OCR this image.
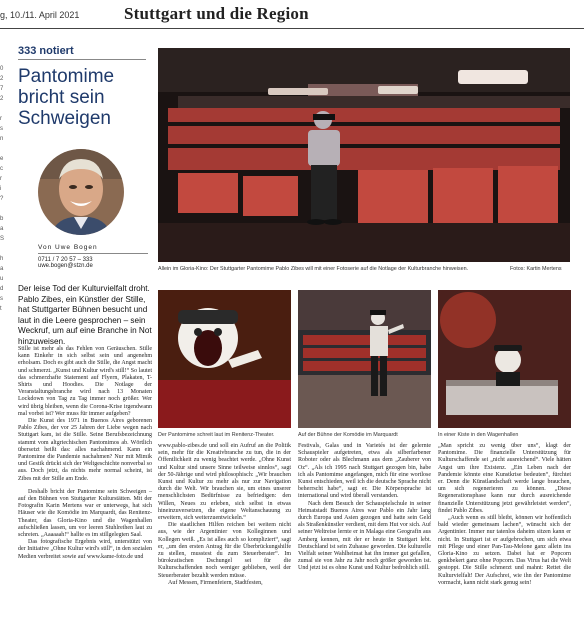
g, 10./11. April 2021	Stuttgart und die Region
0
2
7
2

r
s
n

e
c
r
i
?

b
a
S

h
a
u
d
s
t
333 notiert
Pantomime bricht sein Schweigen
Von Uwe Bogen
0711 / 7 20 57 – 333
uwe.bogen@stzn.de
Der leise Tod der Kulturvielfalt droht. Pablo Zibes, ein Künstler der Stille, hat Stuttgarter Bühnen besucht und laut in die Leere gesprochen – sein Weckruf, um auf eine Branche in Not hinzuweisen.
Allein im Gloria-Kino: Der Stuttgarter Pantomime Pablo Zibes will mit einer Fotoserie auf die Notlage der Kulturbranche hinweisen.	Fotos: Kartin Mertens
Der Pantomime schreit laut im Renitenz-Theater.	Auf der Bühne der Komödie im Marquardt	In einer Kiste in den Wagenhallen

Stille ist mehr als das Fehlen von Geräuschen. Stille kann Einkehr in sich selbst sein und angenehm erholsam. Doch es gibt auch die Stille, die Angst macht und schmerzt. „Kunst und Kultur wird's still!“ So lautet das schmerzhafte Statement auf Flyern, Plakaten, T-Shirts und Hoodies. Die Notlage der Veranstaltungsbranche wird nach 13 Monaten Lockdown von Tag zu Tag immer noch größer. Wer wird übrig bleiben, wenn die Corona-Krise irgendwann mal vorbei ist? Wer muss für immer aufgeben?

Die Kunst des 1971 in Buenos Aires geborenen Pablo Zibes, der vor 25 Jahren der Liebe wegen nach Stuttgart kam, ist die Stille. Seine Berufsbezeichnung stammt vom altgriechischen Pantomimos ab. Wörtlich übersetzt heißt das: alles nachahmend. Kann ein Pantomime die Pandemie nachahmen? Nur mit Mimik und Gestik drückt sich der Weltgeschichte nonverbal so aus. Doch jetzt, da nichts mehr normal scheint, ist Zibes mit der Stille am Ende.

Deshalb bricht der Pantomime sein Schweigen – auf den Bühnen von Stuttgarter Kulturstätten. Mit der Fotografin Karin Mertens war er unterwegs, hat sich Häuser wie die Komödie im Marquardt, das Renitenz-Theater, das Gloria-Kino und die Wagenhallen aufschließen lassen, um vor leeren Stuhlreihen laut zu schreien. „Aaaaaah!“ hallte es im stillgelegten Saal.

Das fotografische Ergebnis wird, unterstützt von der Initiative „Ohne Kultur wird's still“, in den sozialen Medien verbreitet sowie auf www.kame-foto.de und

www.pablo-zibes.de und soll ein Aufruf an die Politik sein, mehr für die Kreativbranche zu tun, die in der Öffentlichkeit zu wenig beachtet werde. „Ohne Kunst und Kultur sind unsere Sinne teilweise sinnlos“, sagt der 50-Jährige und wird philosophisch: „Wir brauchen Kunst und Kultur zu mehr als nur zur Navigation durch die Welt. Wir brauchen sie, um eines unserer menschlichsten Bedürfnisse zu befriedigen: den Willen, Neues zu erleben, sich selbst in etwas hineinzuversetzen, die eigene Weltanschauung zu erweitern, sich weiterzuentwickeln.“

Die staatlichen Hilfen reichen bei weitem nicht aus, wie der Argentinier von Kolleginnen und Kollegen weiß. „Es ist alles auch so kompliziert“, sagt er, „um den ersten Antrag für die Überbrückungshilfe zu stellen, musstest du zum Steuerberater“. Im bürokratischen Dschungel sei für die Kulturschaffenden noch weniger geblieben, weil der Steuerberater bezahlt werden müsse.

Auf Messen, Firmenfeiern, Stadtfesten,

Festivals, Galas und in Varietés ist der gelernte Schauspieler aufgetreten, etwa als silberfarbener Roboter oder als Blechmann aus dem „Zauberer von Oz“. „Als ich 1995 nach Stuttgart gezogen bin, habe ich als Pantomime angefangen, mich für eine wortlose Kunst entschieden, weil ich die deutsche Sprache nicht beherrscht habe“, sagt er. Die Körpersprache ist international und wird überall verstanden.

Nach dem Besuch der Schauspielschule in seiner Heimatstadt Buenos Aires war Pablo ein Jahr lang durch Europa und Asien gezogen und hatte sein Geld als Straßenkünstler verdient, mit dem Hut vor sich. Auf seiner Weltreise lernte er in Malaga eine Geografin aus Amberg kennen, mit der er heute in Stuttgart lebt. Deutschland ist sein Zuhause geworden. Die kulturelle Vielfalt seiner Wahlheimat hat ihn immer gut gefallen, zumal sie von Jahr zu Jahr noch größer geworden ist. Und jetzt ist es ohne Kunst und Kultur bedrohlich still.

„Man spricht zu wenig über uns“, klagt der Pantomime. Die finanzielle Unterstützung für Kulturschaffende sei „nicht ausreichend“. Viele hätten Angst um ihre Existenz. „Ein Leben nach der Pandemie könnte eine Kunstkrise bedeuten“, fürchtet er. Denn die Künstlandschaft werde lange brauchen, um sich regenerieren zu können. „Diese Regenerationsphase kann nur durch ausreichende finanzielle Unterstützung jetzt gewährleistet werden“, findet Pablo Zibes.

„Auch wenn es still bleibt, können wir hoffentlich bald wieder gemeinsam lachen“, wünscht sich der Argentinier. Immer nur tatenlos daheim sitzen kann er nicht. In Stuttgart ist er aufgebrochen, um sich etwa mit Pflege und einer Pan-Tau-Melone ganz allein ins Gloria-Kino zu setzen. Dabei hat er Popcorn genkbekert ganz ohne Popcorn. Das Virus hat die Welt gestoppt. Die Stille schmerzt und mahnt: Rettet die Kulturvielfalt! Der Aufschrei, wie ihn der Pantomime vormacht, kann nicht stark genug sein!
